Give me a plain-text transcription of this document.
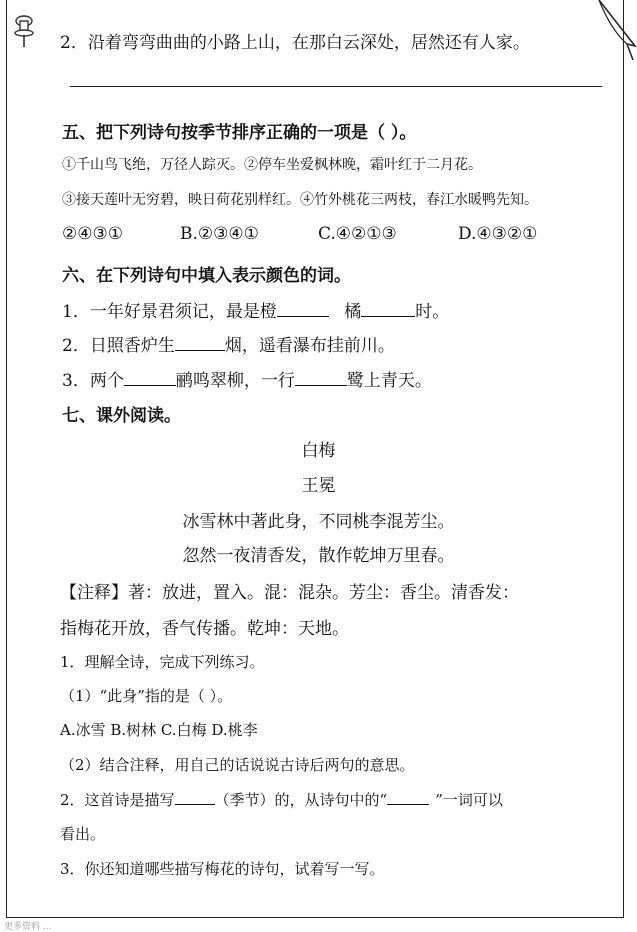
2．沿着弯弯曲曲的小路上山，在那白云深处，居然还有人家。
五、把下列诗句按季节排序正确的一项是（ ）。
①千山鸟飞绝，万径人踪灭。②停车坐爱枫林晚，霜叶红于二月花。
③接天莲叶无穷碧，映日荷花别样红。④竹外桃花三两枝，春江水暖鸭先知。
②④③①	B.②③④①	C.④②①③	D.④③②①
六、在下列诗句中填入表示颜色的词。
1．一年好景君须记，最是橙	橘	时。
2．日照香炉生	烟，遥看瀑布挂前川。
3．两个	鹂鸣翠柳，一行	鹭上青天。
七、课外阅读。
白梅
王冕
冰雪林中著此身，不同桃李混芳尘。
忽然一夜清香发，散作乾坤万里春。
【注释】著：放进，置入。混：混杂。芳尘：香尘。清香发：
指梅花开放，香气传播。乾坤：天地。
1．理解全诗，完成下列练习。
（1）“此身”指的是（ ）。
A.冰雪 B.树林 C.白梅 D.桃李
（2）结合注释，用自己的话说说古诗后两句的意思。
2．这首诗是描写	（季节）的，从诗句中的“	”一词可以
看出。
3．你还知道哪些描写梅花的诗句，试着写一写。
更多资料 ...
